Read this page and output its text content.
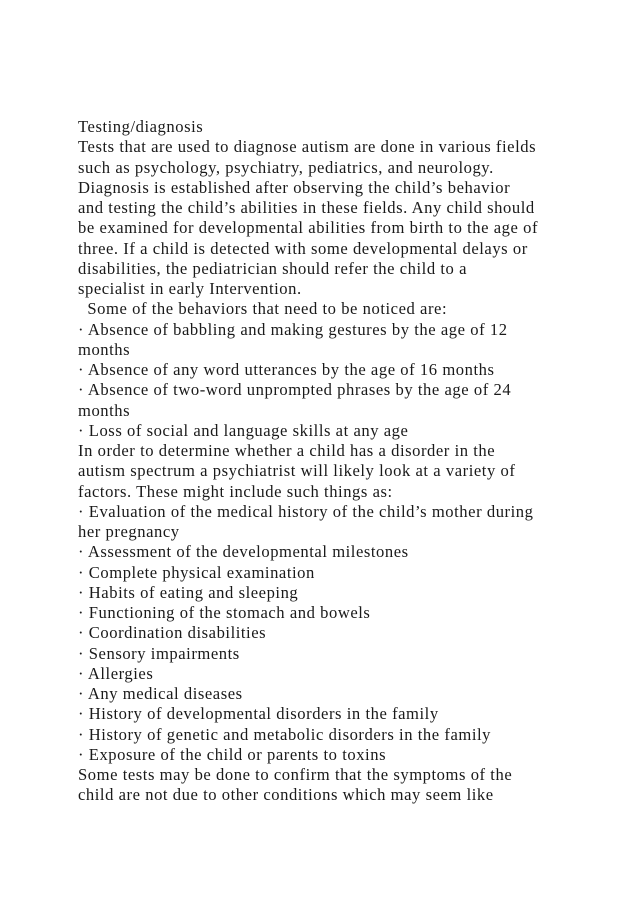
Testing/diagnosis
Tests that are used to diagnose autism are done in various fields
such as psychology, psychiatry, pediatrics, and neurology.
Diagnosis is established after observing the child’s behavior
and testing the child’s abilities in these fields. Any child should
be examined for developmental abilities from birth to the age of
three. If a child is detected with some developmental delays or
disabilities, the pediatrician should refer the child to a
specialist in early Intervention.
Some of the behaviors that need to be noticed are:
· Absence of babbling and making gestures by the age of 12
months
· Absence of any word utterances by the age of 16 months
· Absence of two-word unprompted phrases by the age of 24
months
· Loss of social and language skills at any age
In order to determine whether a child has a disorder in the
autism spectrum a psychiatrist will likely look at a variety of
factors. These might include such things as:
· Evaluation of the medical history of the child’s mother during
her pregnancy
· Assessment of the developmental milestones
· Complete physical examination
· Habits of eating and sleeping
· Functioning of the stomach and bowels
· Coordination disabilities
· Sensory impairments
· Allergies
· Any medical diseases
· History of developmental disorders in the family
· History of genetic and metabolic disorders in the family
· Exposure of the child or parents to toxins
Some tests may be done to confirm that the symptoms of the
child are not due to other conditions which may seem like
